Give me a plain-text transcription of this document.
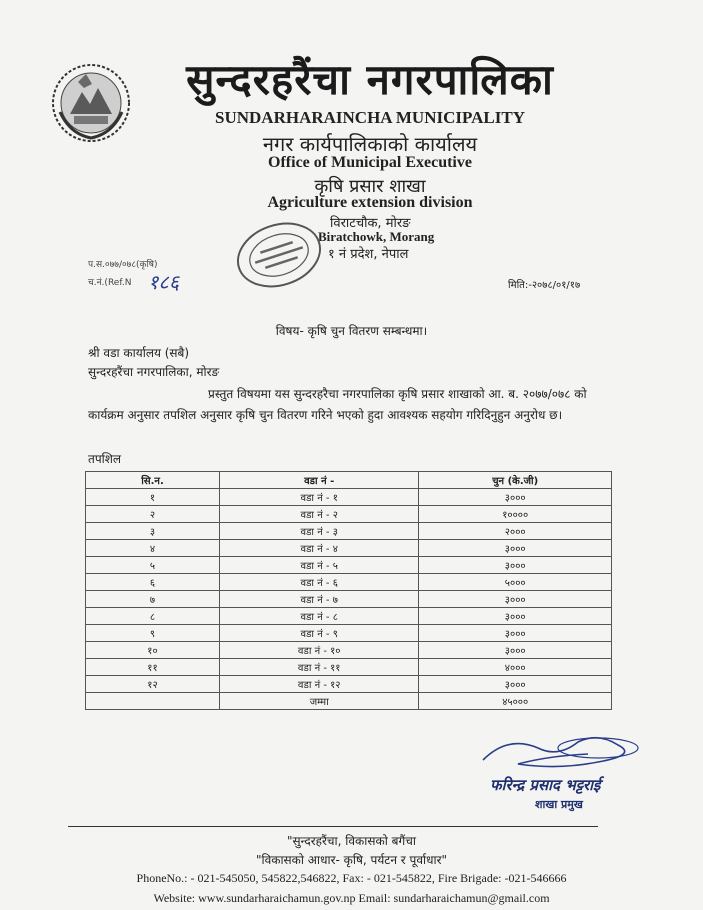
सुन्दरहरैंचा नगरपालिका
SUNDARHARAINCHA MUNICIPALITY
नगर कार्यपालिकाको कार्यालय
Office of Municipal Executive
कृषि प्रसार शाखा
Agriculture extension division
विराटचौक, मोरङ
Biratchowk, Morang
१ नं प्रदेश, नेपाल
प.स.०७७/०७८(कृषि)
च.नं.(Ref.N १८६	मिति:-२०७८/०१/१७
विषय- कृषि चुन वितरण सम्बन्धमा।
श्री वडा कार्यालय (सबै)
सुन्दरहरैंचा नगरपालिका, मोरङ
प्रस्तुत विषयमा यस सुन्दरहरैचा नगरपालिका कृषि प्रसार शाखाको आ. ब. २०७७/०७८ को कार्यक्रम अनुसार तपशिल अनुसार कृषि चुन वितरण गरिने भएको हुदा आवश्यक सहयोग गरिदिनुहुन अनुरोध छ।
तपशिल
सि.न.	वडा नं -	चुन (के.जी)
१	वडा नं - १	३०००
२	वडा नं - २	१००००
३	वडा नं - ३	२०००
४	वडा नं - ४	३०००
५	वडा नं - ५	३०००
६	वडा नं - ६	५०००
७	वडा नं - ७	३०००
८	वडा नं - ८	३०००
९	वडा नं - ९	३०००
१०	वडा नं - १०	३०००
११	वडा नं - ११	४०००
१२	वडा नं - १२	३०००
	जम्मा	४५०००
फरिन्द्र प्रसाद भट्टराई
शाखा प्रमुख
"सुन्दरहरैंचा, विकासको बगैंचा
"विकासको आधार- कृषि, पर्यटन र पूर्वाधार"
PhoneNo.: - 021-545050, 545822,546822, Fax: - 021-545822, Fire Brigade: -021-546666
Website: www.sundarharaichamun.gov.np Email: sundarharaichamun@gmail.com
